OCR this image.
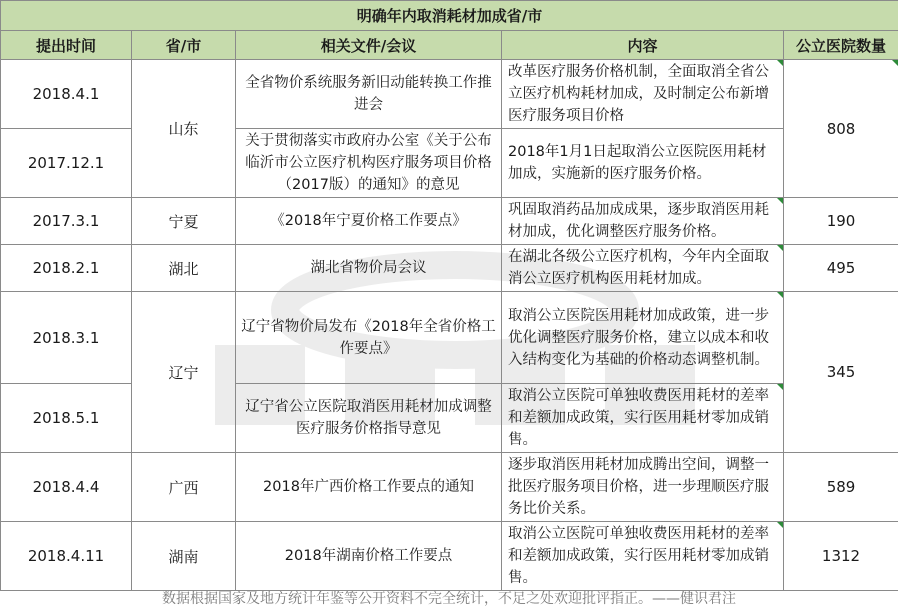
明确年内取消耗材加成省/市				
提出时间	省/市	相关文件/会议	内容	公立医院数量
2018.4.1	山东	全省物价系统服务新旧动能转换工作推进会	改革医疗服务价格机制，全面取消全省公立医疗机构耗材加成，及时制定公布新增医疗服务项目价格	808
2017.12.1		关于贯彻落实市政府办公室《关于公布临沂市公立医疗机构医疗服务项目价格（2017版）的通知》的意见	2018年1月1日起取消公立医院医用耗材加成，实施新的医疗服务价格。	
2017.3.1	宁夏	《2018年宁夏价格工作要点》	巩固取消药品加成成果，逐步取消医用耗材加成，优化调整医疗服务价格。	190
2018.2.1	湖北	湖北省物价局会议	在湖北各级公立医疗机构，今年内全面取消公立医疗机构医用耗材加成。	495
2018.3.1	辽宁	辽宁省物价局发布《2018年全省价格工作要点》	取消公立医院医用耗材加成政策，进一步优化调整医疗服务价格，建立以成本和收入结构变化为基础的价格动态调整机制。	345
2018.5.1		辽宁省公立医院取消医用耗材加成调整医疗服务价格指导意见	取消公立医院可单独收费医用耗材的差率和差额加成政策，实行医用耗材零加成销售。	
2018.4.4	广西	2018年广西价格工作要点的通知	逐步取消医用耗材加成腾出空间，调整一批医疗服务项目价格，进一步理顺医疗服务比价关系。	589
2018.4.11	湖南	2018年湖南价格工作要点	取消公立医院可单独收费医用耗材的差率和差额加成政策，实行医用耗材零加成销售。	1312
数据根据国家及地方统计年鉴等公开资料不完全统计，不足之处欢迎批评指正。——健识君注
